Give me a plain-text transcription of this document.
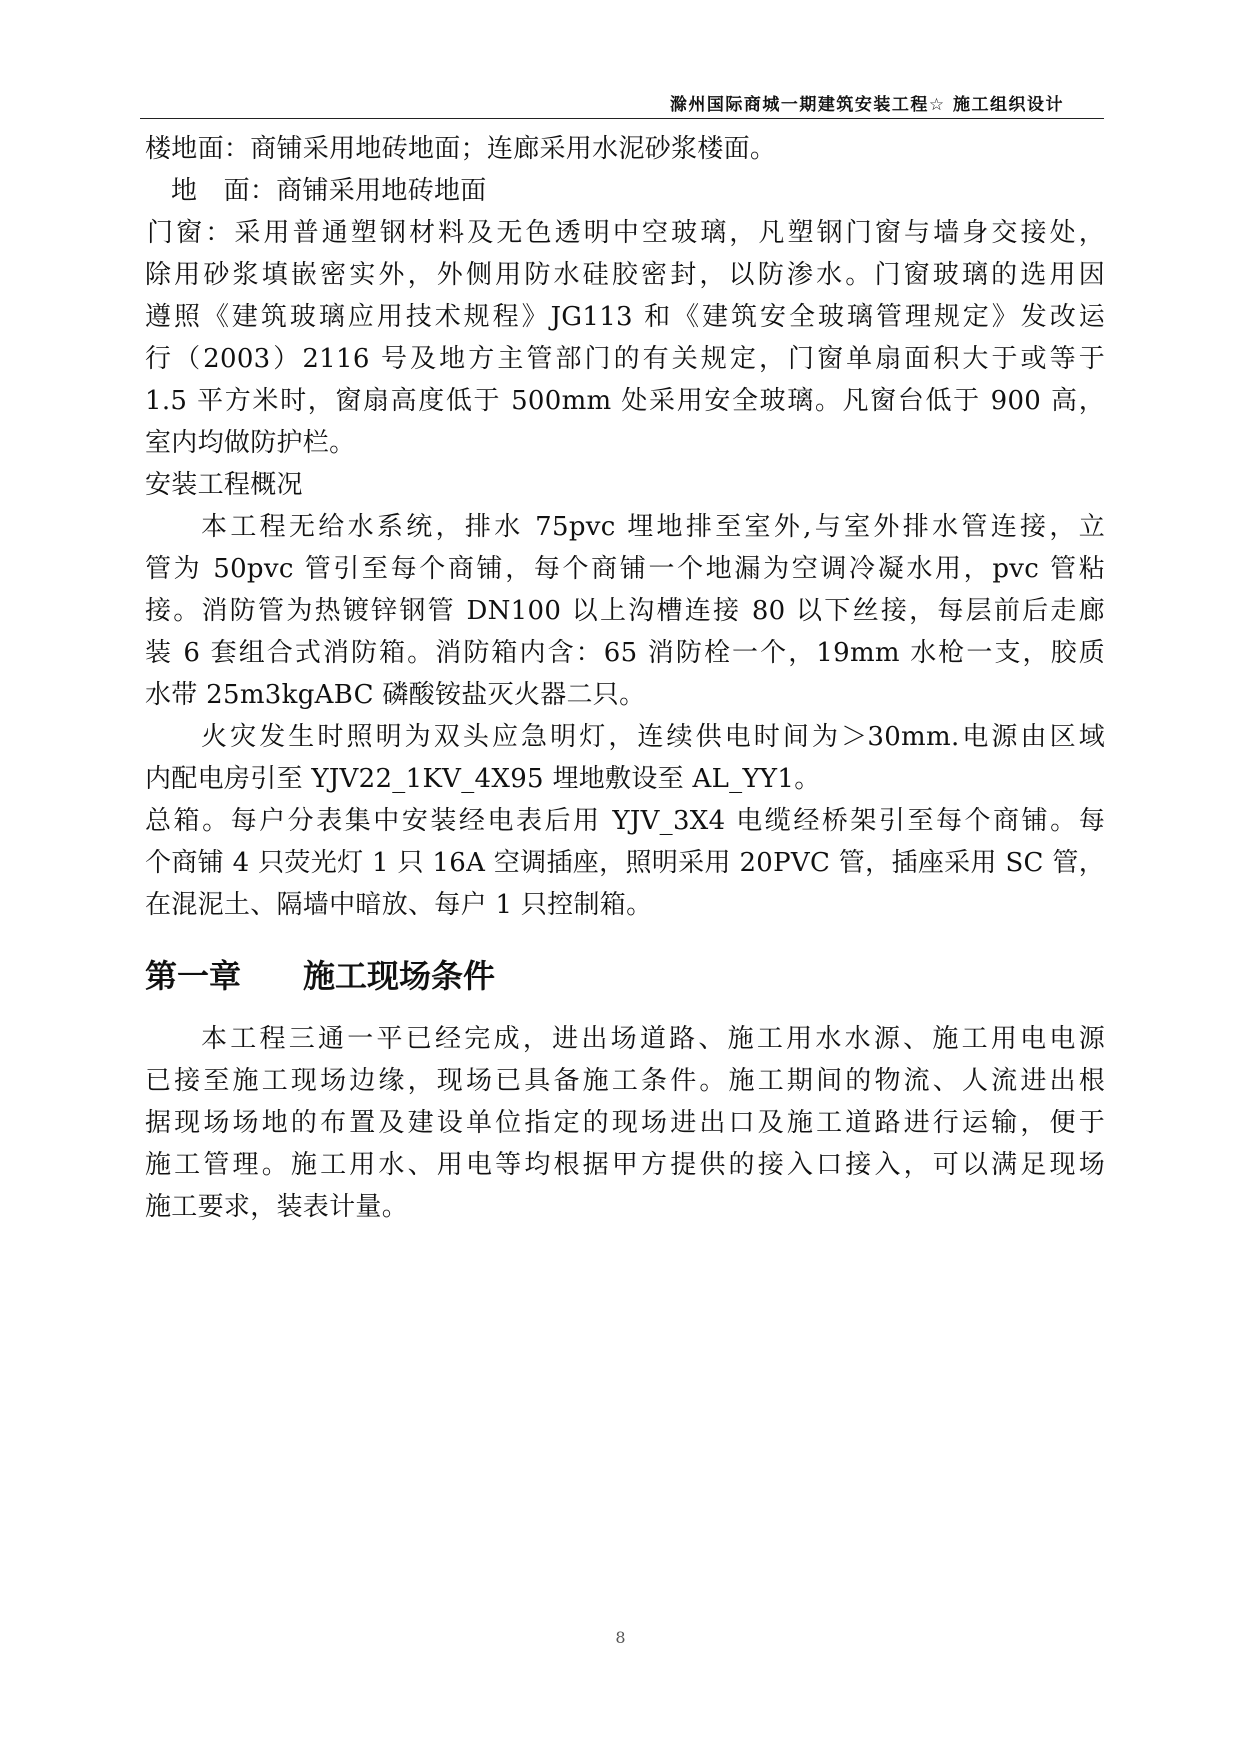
滁州国际商城一期建筑安装工程☆ 施工组织设计
楼地面：商铺采用地砖地面；连廊采用水泥砂浆楼面。
地　面：商铺采用地砖地面
门窗：采用普通塑钢材料及无色透明中空玻璃，凡塑钢门窗与墙身交接处，
除用砂浆填嵌密实外，外侧用防水硅胶密封，以防渗水。门窗玻璃的选用因
遵照《建筑玻璃应用技术规程》JG113 和《建筑安全玻璃管理规定》发改运
行（2003）2116 号及地方主管部门的有关规定，门窗单扇面积大于或等于
1.5 平方米时，窗扇高度低于 500mm 处采用安全玻璃。凡窗台低于 900 高，
室内均做防护栏。
安装工程概况
本工程无给水系统，排水 75pvc 埋地排至室外,与室外排水管连接，立
管为 50pvc 管引至每个商铺，每个商铺一个地漏为空调冷凝水用，pvc 管粘
接。消防管为热镀锌钢管 DN100 以上沟槽连接 80 以下丝接，每层前后走廊
装 6 套组合式消防箱。消防箱内含：65 消防栓一个，19mm 水枪一支，胶质
水带 25m3kgABC 磷酸铵盐灭火器二只。
火灾发生时照明为双头应急明灯，连续供电时间为＞30mm.电源由区域
内配电房引至 YJV22_1KV_4X95 埋地敷设至 AL_YY1。
总箱。每户分表集中安装经电表后用 YJV_3X4 电缆经桥架引至每个商铺。每
个商铺 4 只荧光灯 1 只 16A 空调插座，照明采用 20PVC 管，插座采用 SC 管，
在混泥土、隔墙中暗放、每户 1 只控制箱。
第一章 施工现场条件
本工程三通一平已经完成，进出场道路、施工用水水源、施工用电电源
已接至施工现场边缘，现场已具备施工条件。施工期间的物流、人流进出根
据现场场地的布置及建设单位指定的现场进出口及施工道路进行运输，便于
施工管理。施工用水、用电等均根据甲方提供的接入口接入，可以满足现场
施工要求，装表计量。
8
